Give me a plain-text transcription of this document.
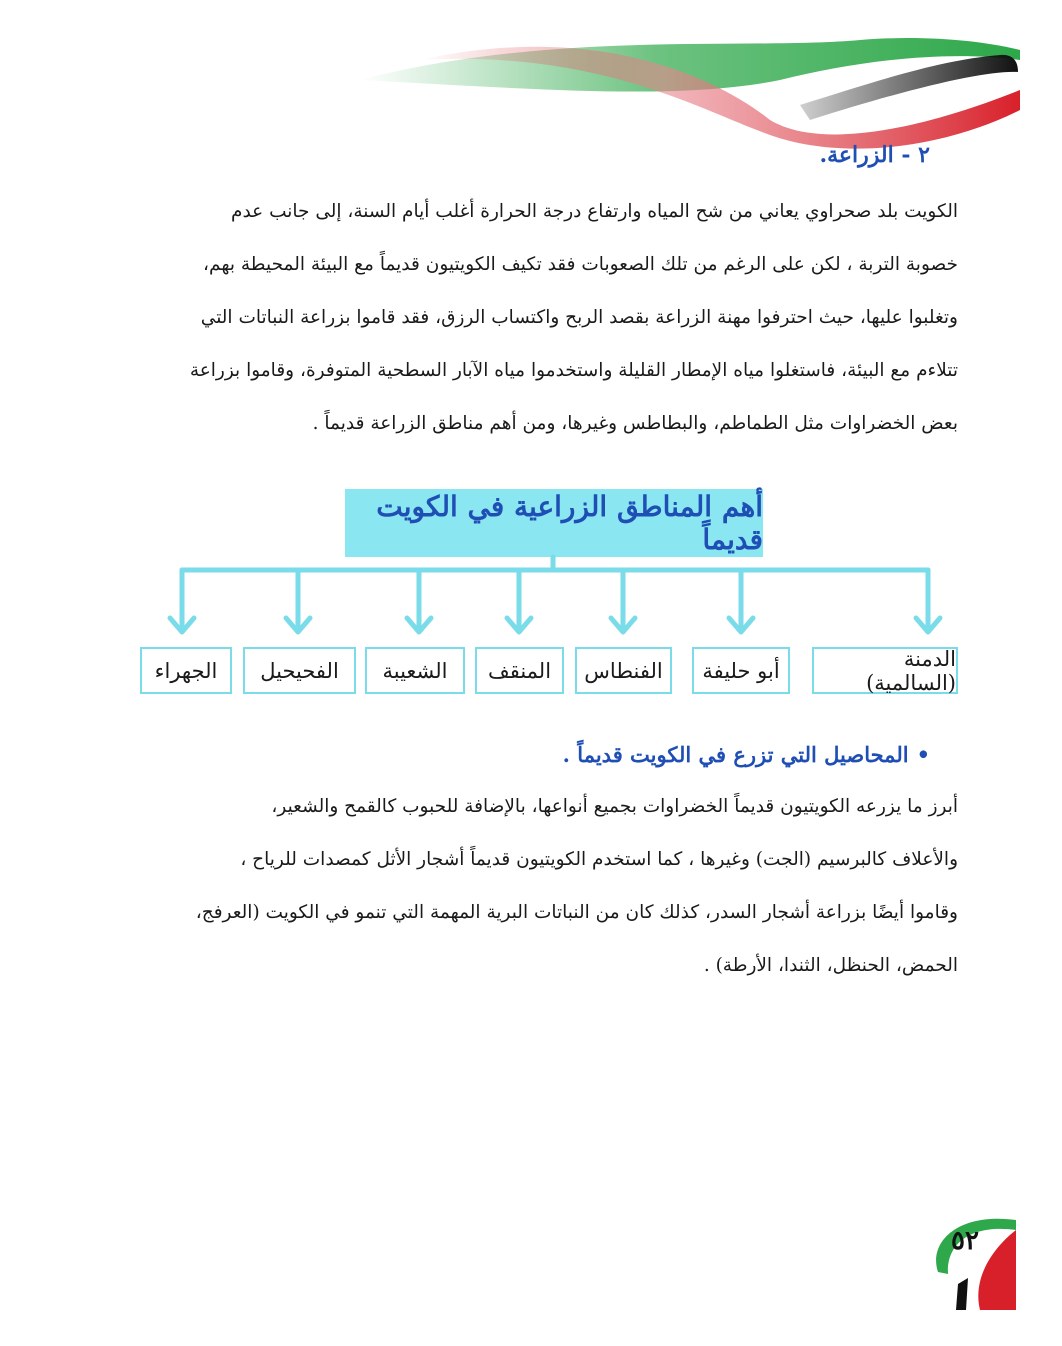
٢ - الزراعة.
الكويت بلد صحراوي يعاني من شح المياه وارتفاع درجة الحرارة أغلب أيام السنة، إلى جانب عدم
خصوبة التربة ، لكن على الرغم من تلك الصعوبات فقد تكيف الكويتيون قديماً مع البيئة المحيطة بهم،
وتغلبوا عليها، حيث احترفوا مهنة الزراعة بقصد الربح واكتساب الرزق، فقد قاموا بزراعة النباتات التي
تتلاءم مع البيئة، فاستغلوا مياه الإمطار القليلة واستخدموا مياه الآبار السطحية المتوفرة، وقاموا بزراعة
بعض الخضراوات مثل الطماطم، والبطاطس وغيرها، ومن أهم مناطق الزراعة قديماً .
أهم المناطق الزراعية في الكويت قديماً
الدمنة (السالمية)
أبو حليفة
الفنطاس
المنقف
الشعيبة
الفحيحيل
الجهراء
•المحاصيل التي تزرع في الكويت قديماً .
أبرز ما يزرعه الكويتيون قديماً الخضراوات بجميع أنواعها، بالإضافة للحبوب كالقمح والشعير،
والأعلاف كالبرسيم (الجت) وغيرها ، كما استخدم الكويتيون قديماً أشجار الأثل كمصدات للرياح ،
وقاموا أيضًا بزراعة أشجار السدر، كذلك كان من النباتات البرية المهمة التي تنمو في الكويت (العرفج،
الحمض، الحنظل، الثندا، الأرطة) .
٥٢
